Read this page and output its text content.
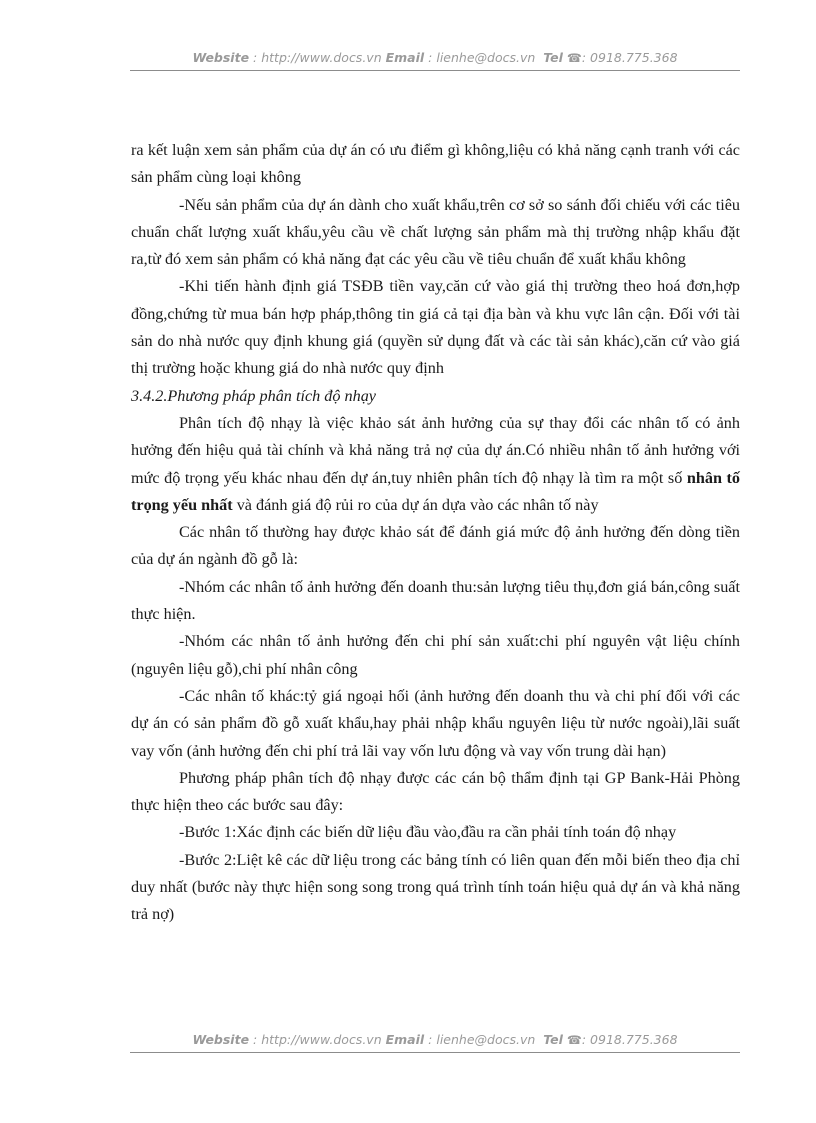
Website : http://www.docs.vn Email : lienhe@docs.vn Tel ☎: 0918.775.368

ra kết luận xem sản phẩm của dự án có ưu điểm gì không,liệu có khả năng cạnh tranh với các sản phẩm cùng loại không

-Nếu sản phẩm của dự án dành cho xuất khẩu,trên cơ sở so sánh đối chiếu với các tiêu chuẩn chất lượng xuất khẩu,yêu cầu về chất lượng sản phẩm mà thị trường nhập khẩu đặt ra,từ đó xem sản phẩm có khả năng đạt các yêu cầu về tiêu chuẩn để xuất khẩu không

-Khi tiến hành định giá TSĐB tiền vay,căn cứ vào giá thị trường theo hoá đơn,hợp đồng,chứng từ mua bán hợp pháp,thông tin giá cả tại địa bàn và khu vực lân cận. Đối với tài sản do nhà nước quy định khung giá (quyền sử dụng đất và các tài sản khác),căn cứ vào giá thị trường hoặc khung giá do nhà nước quy định

3.4.2.Phương pháp phân tích độ nhạy

Phân tích độ nhạy là việc khảo sát ảnh hưởng của sự thay đổi các nhân tố có ảnh hưởng đến hiệu quả tài chính và khả năng trả nợ của dự án.Có nhiều nhân tố ảnh hưởng với mức độ trọng yếu khác nhau đến dự án,tuy nhiên phân tích độ nhạy là tìm ra một số nhân tố trọng yếu nhất và đánh giá độ rủi ro của dự án dựa vào các nhân tố này

Các nhân tố thường hay được khảo sát để đánh giá mức độ ảnh hưởng đến dòng tiền của dự án ngành đồ gỗ là:

-Nhóm các nhân tố ảnh hưởng đến doanh thu:sản lượng tiêu thụ,đơn giá bán,công suất thực hiện.

-Nhóm các nhân tố ảnh hưởng đến chi phí sản xuất:chi phí nguyên vật liệu chính (nguyên liệu gỗ),chi phí nhân công

-Các nhân tố khác:tỷ giá ngoại hối (ảnh hưởng đến doanh thu và chi phí đối với các dự án có sản phẩm đồ gỗ xuất khẩu,hay phải nhập khẩu nguyên liệu từ nước ngoài),lãi suất vay vốn (ảnh hưởng đến chi phí trả lãi vay vốn lưu động và vay vốn trung dài hạn)

Phương pháp phân tích độ nhạy được các cán bộ thẩm định tại GP Bank-Hải Phòng thực hiện theo các bước sau đây:

-Bước 1:Xác định các biến dữ liệu đầu vào,đầu ra cần phải tính toán độ nhạy

-Bước 2:Liệt kê các dữ liệu trong các bảng tính có liên quan đến mỗi biến theo địa chỉ duy nhất (bước này thực hiện song song trong quá trình tính toán hiệu quả dự án và khả năng trả nợ)

Website : http://www.docs.vn Email : lienhe@docs.vn Tel ☎: 0918.775.368
